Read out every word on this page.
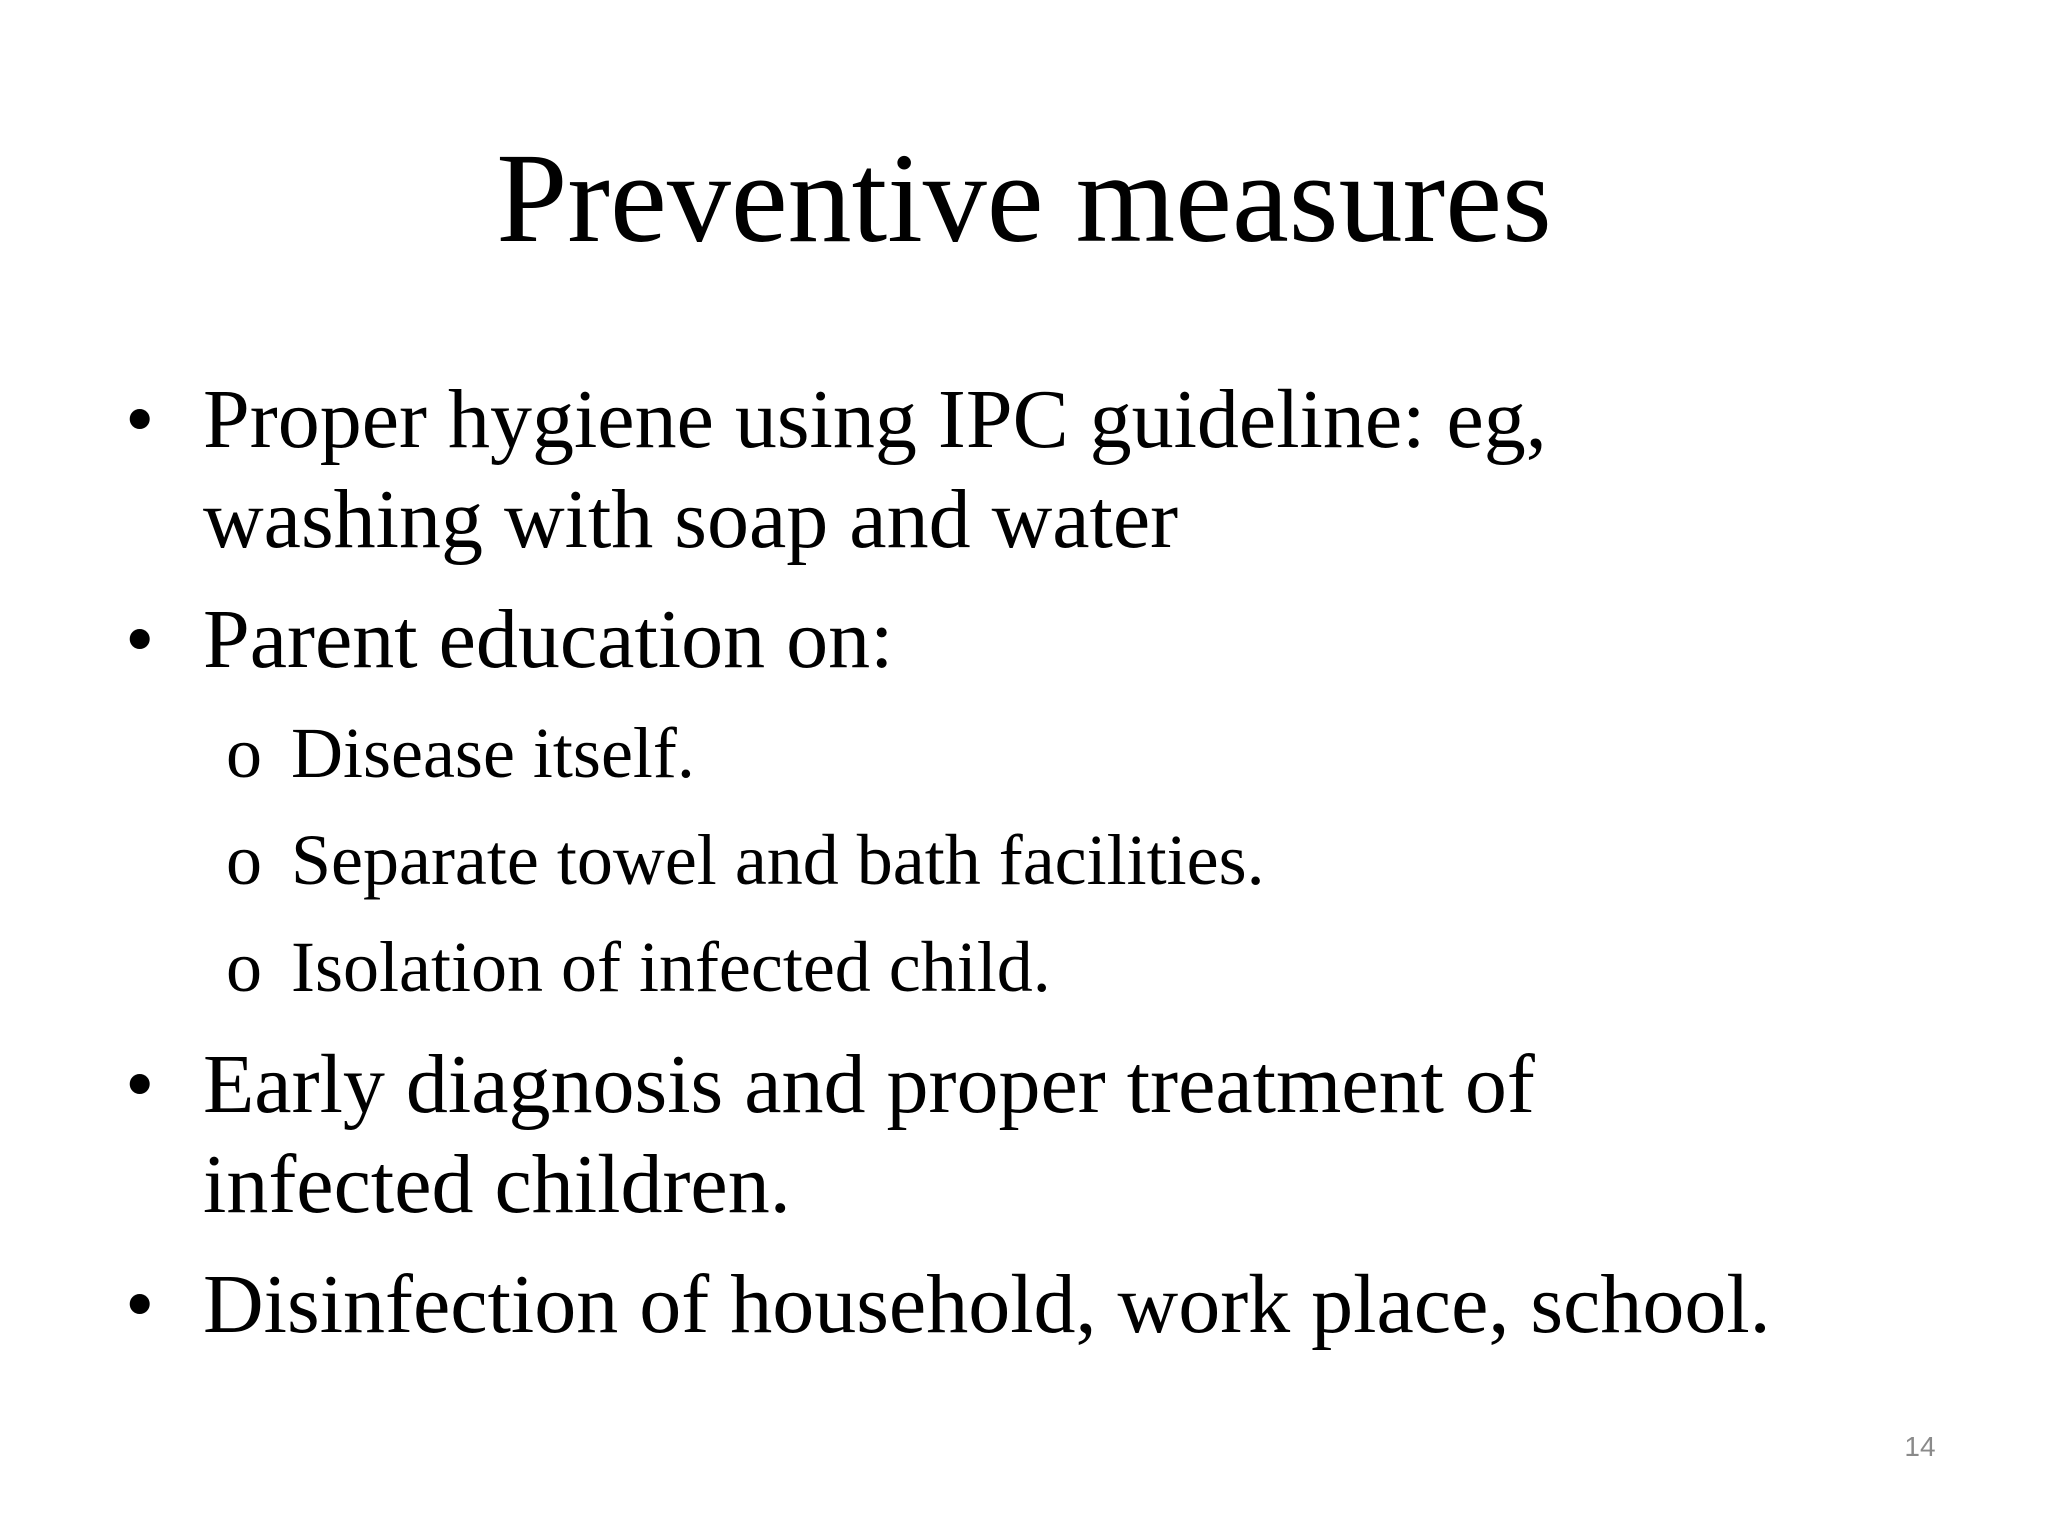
Preventive measures
• Proper hygiene using IPC guideline: eg,
washing with soap and water
• Parent education on:
o Disease itself.
o Separate towel and bath facilities.
o Isolation of infected child.
• Early diagnosis and proper treatment of
infected children.
• Disinfection of household, work place, school.
14
